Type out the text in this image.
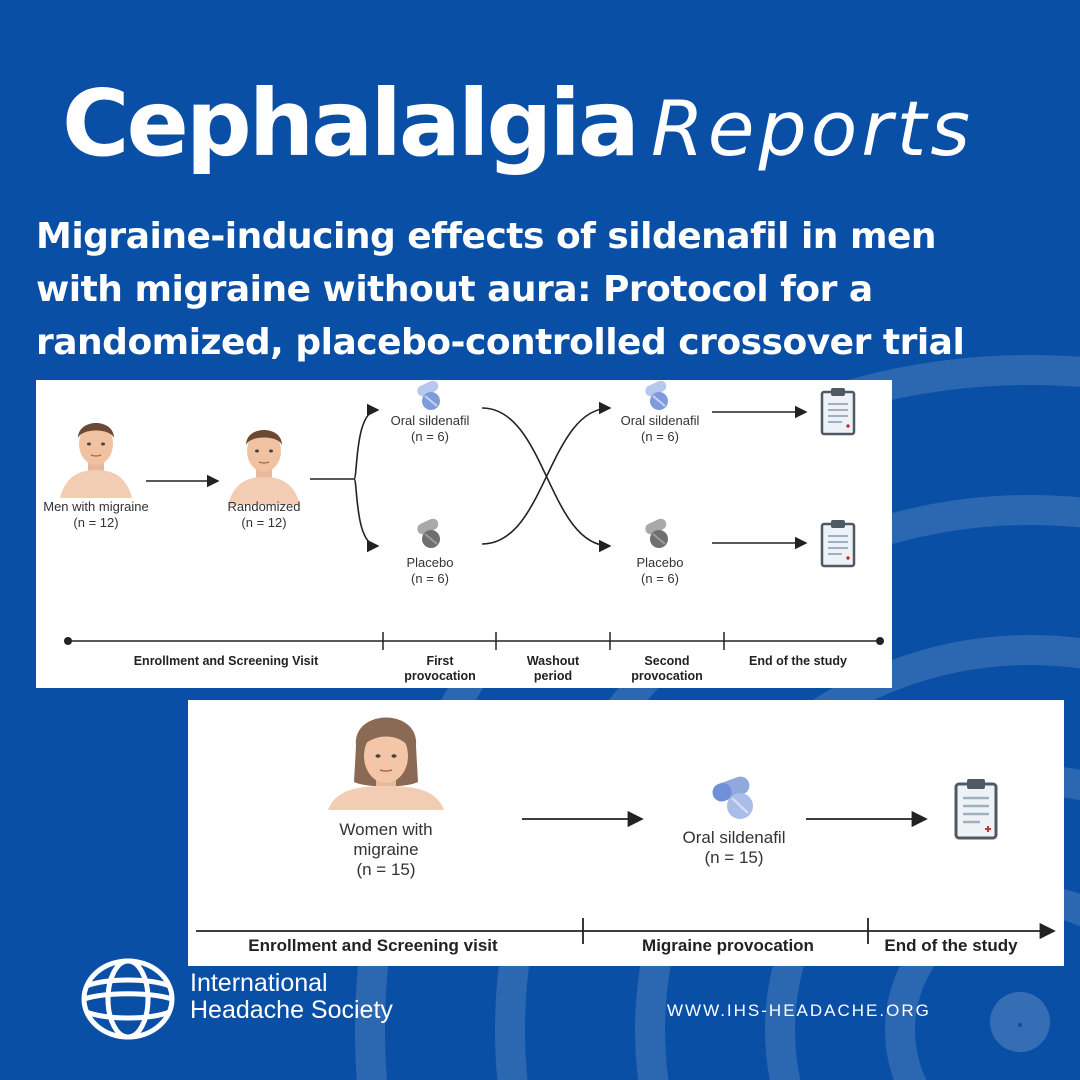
Cephalalgia Reports
Migraine-inducing effects of sildenafil in men
with migraine without aura: Protocol for a
randomized, placebo-controlled crossover trial
Men with migraine
(n = 12)
Randomized
(n = 12)
Oral sildenafil
(n = 6)
Placebo
(n = 6)
Oral sildenafil
(n = 6)
Placebo
(n = 6)
Enrollment and Screening Visit	First
provocation
Washout
period
Second
provocation
End of the study
Women with
migraine
(n = 15)
Oral sildenafil
(n = 15)
Enrollment and Screening visit	Migraine provocation	End of the study
International
Headache Society	WWW.IHS-HEADACHE.ORG
